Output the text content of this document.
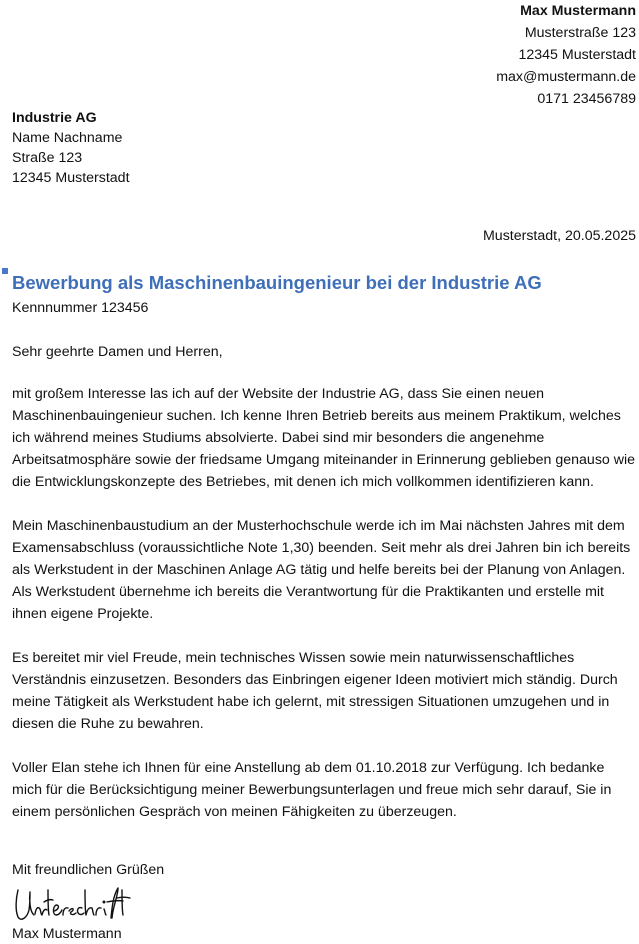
Max Mustermann
Musterstraße 123
12345 Musterstadt
max@mustermann.de
0171 23456789
Industrie AG
Name Nachname
Straße 123
12345 Musterstadt
Musterstadt, 20.05.2025
Bewerbung als Maschinenbauingenieur bei der Industrie AG
Kennnummer 123456
Sehr geehrte Damen und Herren,

mit großem Interesse las ich auf der Website der Industrie AG, dass Sie einen neuen Maschinenbauingenieur suchen. Ich kenne Ihren Betrieb bereits aus meinem Praktikum, welches ich während meines Studiums absolvierte. Dabei sind mir besonders die angenehme Arbeitsatmosphäre sowie der friedsame Umgang miteinander in Erinnerung geblieben genauso wie die Entwicklungskonzepte des Betriebes, mit denen ich mich vollkommen identifizieren kann.

Mein Maschinenbaustudium an der Musterhochschule werde ich im Mai nächsten Jahres mit dem Examensabschluss (voraussichtliche Note 1,30) beenden. Seit mehr als drei Jahren bin ich bereits als Werkstudent in der Maschinen Anlage AG tätig und helfe bereits bei der Planung von Anlagen. Als Werkstudent übernehme ich bereits die Verantwortung für die Praktikanten und erstelle mit ihnen eigene Projekte.

Es bereitet mir viel Freude, mein technisches Wissen sowie mein naturwissenschaftliches Verständnis einzusetzen. Besonders das Einbringen eigener Ideen motiviert mich ständig. Durch meine Tätigkeit als Werkstudent habe ich gelernt, mit stressigen Situationen umzugehen und in diesen die Ruhe zu bewahren.

Voller Elan stehe ich Ihnen für eine Anstellung ab dem 01.10.2018 zur Verfügung. Ich bedanke mich für die Berücksichtigung meiner Bewerbungsunterlagen und freue mich sehr darauf, Sie in einem persönlichen Gespräch von meinen Fähigkeiten zu überzeugen.

Mit freundlichen Grüßen
Max Mustermann
